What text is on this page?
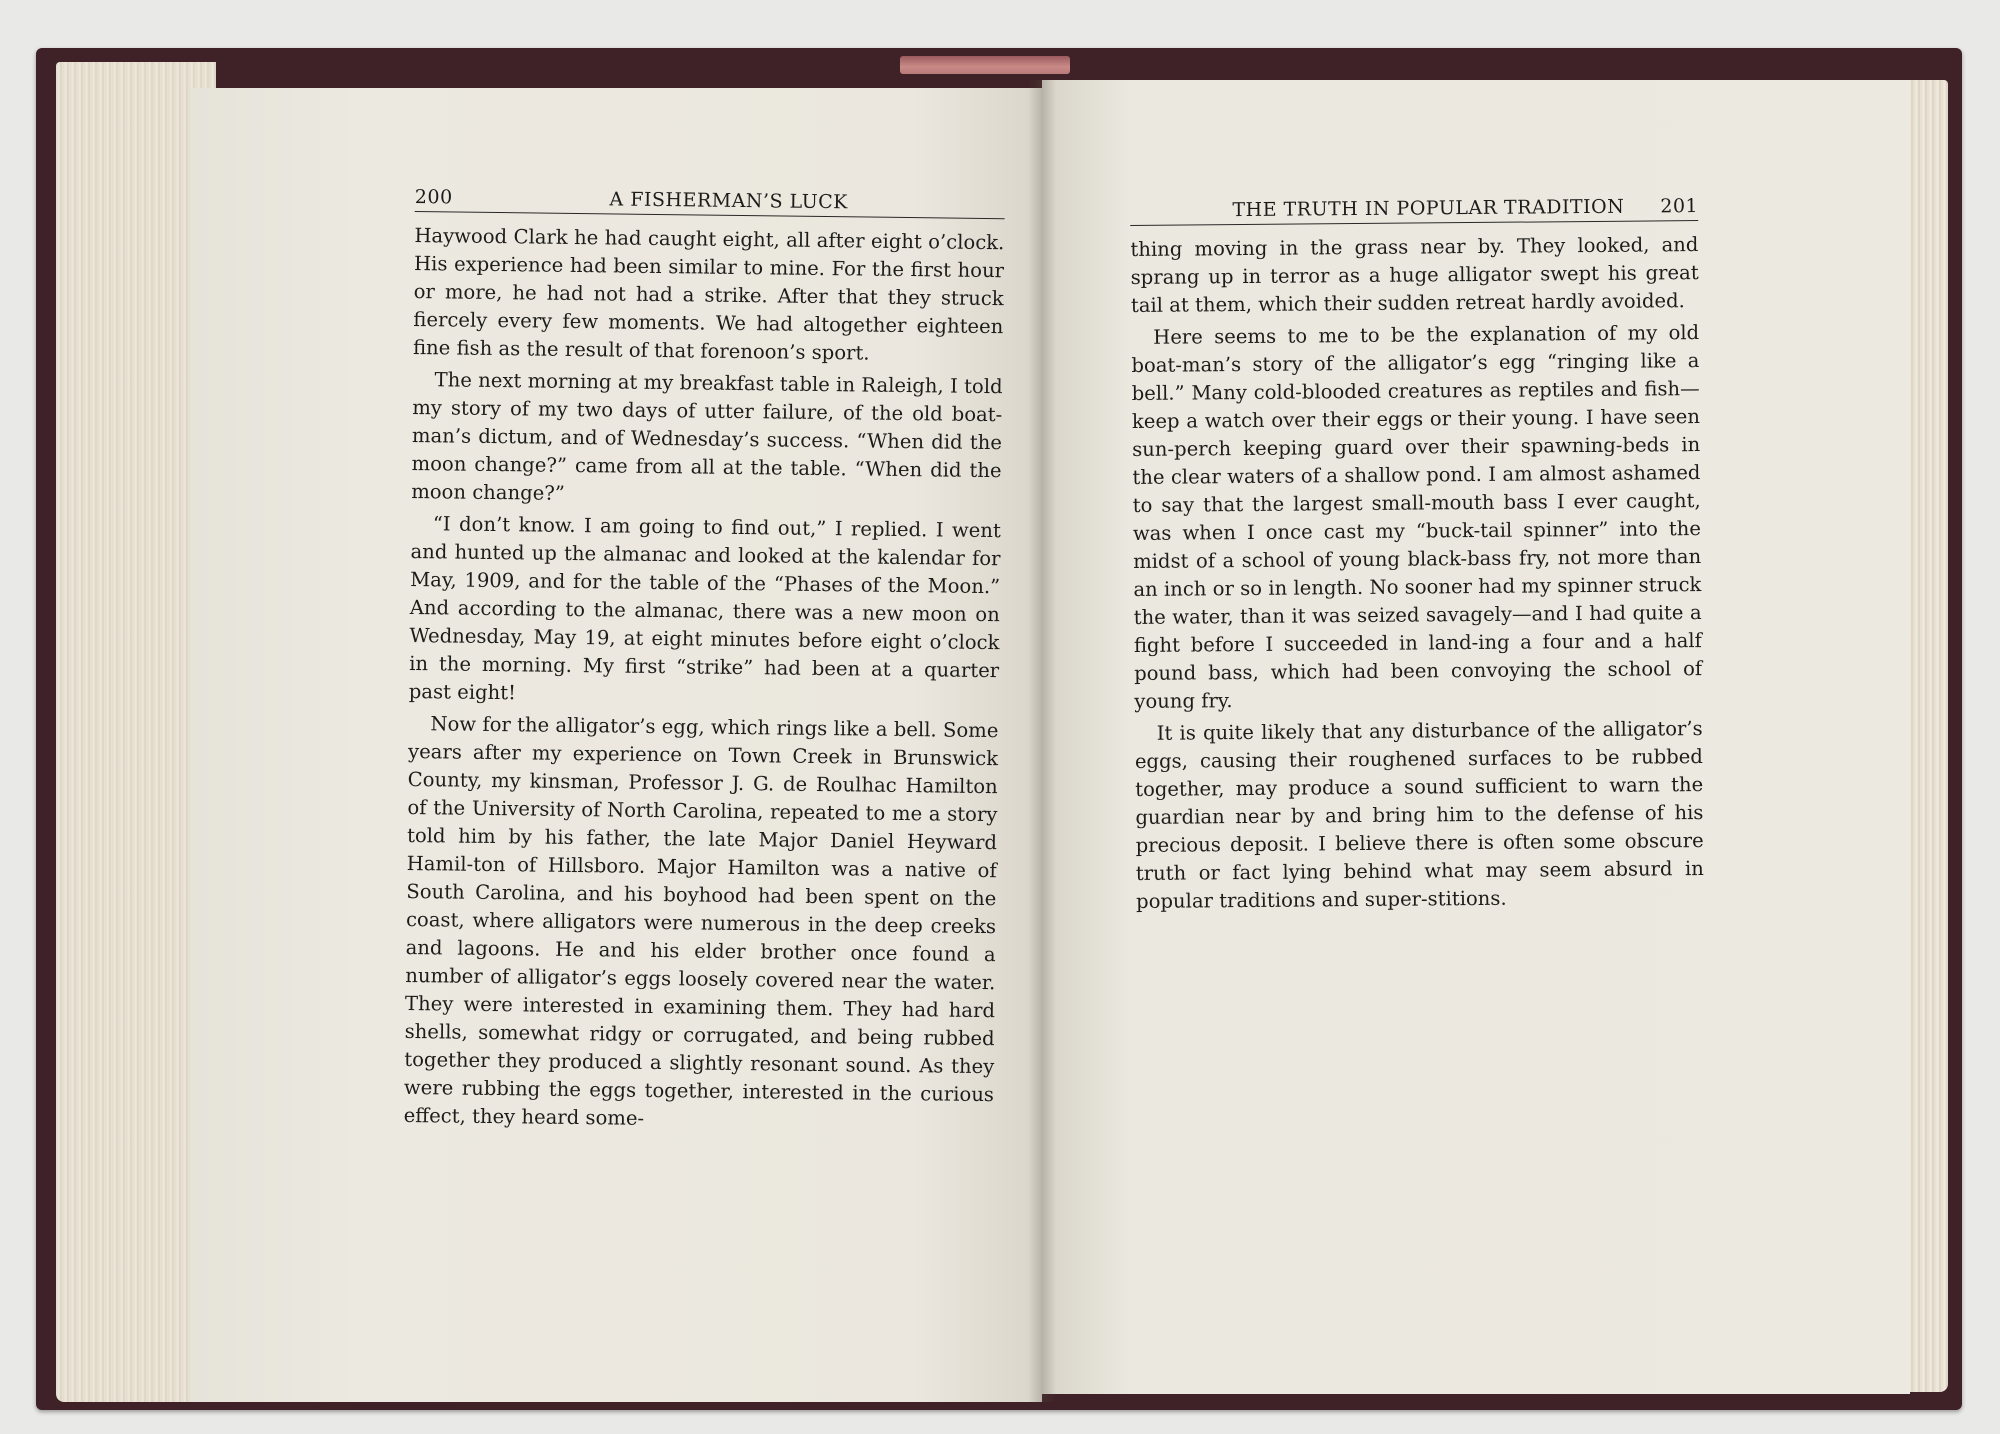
200	A FISHERMAN’S LUCK

Haywood Clark he had caught eight, all after eight o’clock. His experience had been similar to mine. For the first hour or more, he had not had a strike. After that they struck fiercely every few moments. We had altogether eighteen fine fish as the result of that forenoon’s sport.

The next morning at my breakfast table in Raleigh, I told my story of my two days of utter failure, of the old boat-man’s dictum, and of Wednesday’s success. “When did the moon change?” came from all at the table. “When did the moon change?”

“I don’t know. I am going to find out,” I replied. I went and hunted up the almanac and looked at the kalendar for May, 1909, and for the table of the “Phases of the Moon.” And according to the almanac, there was a new moon on Wednesday, May 19, at eight minutes before eight o’clock in the morning. My first “strike” had been at a quarter past eight!

Now for the alligator’s egg, which rings like a bell. Some years after my experience on Town Creek in Brunswick County, my kinsman, Professor J. G. de Roulhac Hamilton of the University of North Carolina, repeated to me a story told him by his father, the late Major Daniel Heyward Hamil-ton of Hillsboro. Major Hamilton was a native of South Carolina, and his boyhood had been spent on the coast, where alligators were numerous in the deep creeks and lagoons. He and his elder brother once found a number of alligator’s eggs loosely covered near the water. They were interested in examining them. They had hard shells, somewhat ridgy or corrugated, and being rubbed together they produced a slightly resonant sound. As they were rubbing the eggs together, interested in the curious effect, they heard some-

THE TRUTH IN POPULAR TRADITION	201

thing moving in the grass near by. They looked, and sprang up in terror as a huge alligator swept his great tail at them, which their sudden retreat hardly avoided.

Here seems to me to be the explanation of my old boat-man’s story of the alligator’s egg “ringing like a bell.” Many cold-blooded creatures as reptiles and fish—keep a watch over their eggs or their young. I have seen sun-perch keeping guard over their spawning-beds in the clear waters of a shallow pond. I am almost ashamed to say that the largest small-mouth bass I ever caught, was when I once cast my “buck-tail spinner” into the midst of a school of young black-bass fry, not more than an inch or so in length. No sooner had my spinner struck the water, than it was seized savagely—and I had quite a fight before I succeeded in land-ing a four and a half pound bass, which had been convoying the school of young fry.

It is quite likely that any disturbance of the alligator’s eggs, causing their roughened surfaces to be rubbed together, may produce a sound sufficient to warn the guardian near by and bring him to the defense of his precious deposit. I believe there is often some obscure truth or fact lying behind what may seem absurd in popular traditions and super-stitions.
